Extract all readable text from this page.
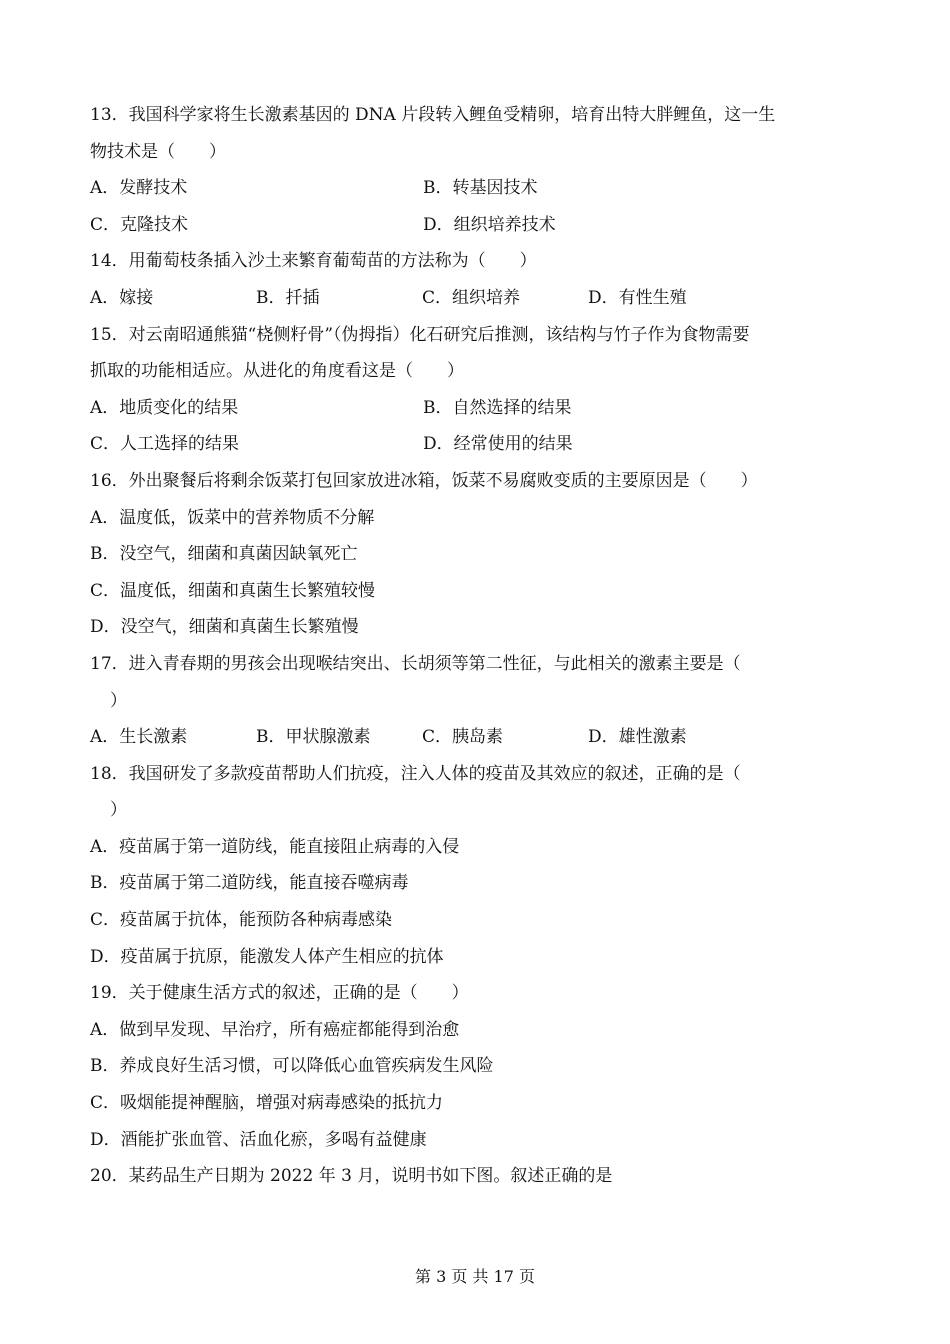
13．我国科学家将生长激素基因的 DNA 片段转入鲤鱼受精卵，培育出特大胖鲤鱼，这一生
物技术是（　　）
A．发酵技术	B．转基因技术
C．克隆技术	D．组织培养技术
14．用葡萄枝条插入沙土来繁育葡萄苗的方法称为（　　）
A．嫁接	B．扦插	C．组织培养	D．有性生殖
15．对云南昭通熊猫“桡侧籽骨”（伪拇指）化石研究后推测，该结构与竹子作为食物需要
抓取的功能相适应。从进化的角度看这是（　　）
A．地质变化的结果	B．自然选择的结果
C．人工选择的结果	D．经常使用的结果
16．外出聚餐后将剩余饭菜打包回家放进冰箱，饭菜不易腐败变质的主要原因是（　　）
A．温度低，饭菜中的营养物质不分解
B．没空气，细菌和真菌因缺氧死亡
C．温度低，细菌和真菌生长繁殖较慢
D．没空气，细菌和真菌生长繁殖慢
17．进入青春期的男孩会出现喉结突出、长胡须等第二性征，与此相关的激素主要是（
）
A．生长激素	B．甲状腺激素	C．胰岛素	D．雄性激素
18．我国研发了多款疫苗帮助人们抗疫，注入人体的疫苗及其效应的叙述，正确的是（
）
A．疫苗属于第一道防线，能直接阻止病毒的入侵
B．疫苗属于第二道防线，能直接吞噬病毒
C．疫苗属于抗体，能预防各种病毒感染
D．疫苗属于抗原，能激发人体产生相应的抗体
19．关于健康生活方式的叙述，正确的是（　　）
A．做到早发现、早治疗，所有癌症都能得到治愈
B．养成良好生活习惯，可以降低心血管疾病发生风险
C．吸烟能提神醒脑，增强对病毒感染的抵抗力
D．酒能扩张血管、活血化瘀，多喝有益健康
20．某药品生产日期为 2022 年 3 月，说明书如下图。叙述正确的是
第 3 页 共 17 页
